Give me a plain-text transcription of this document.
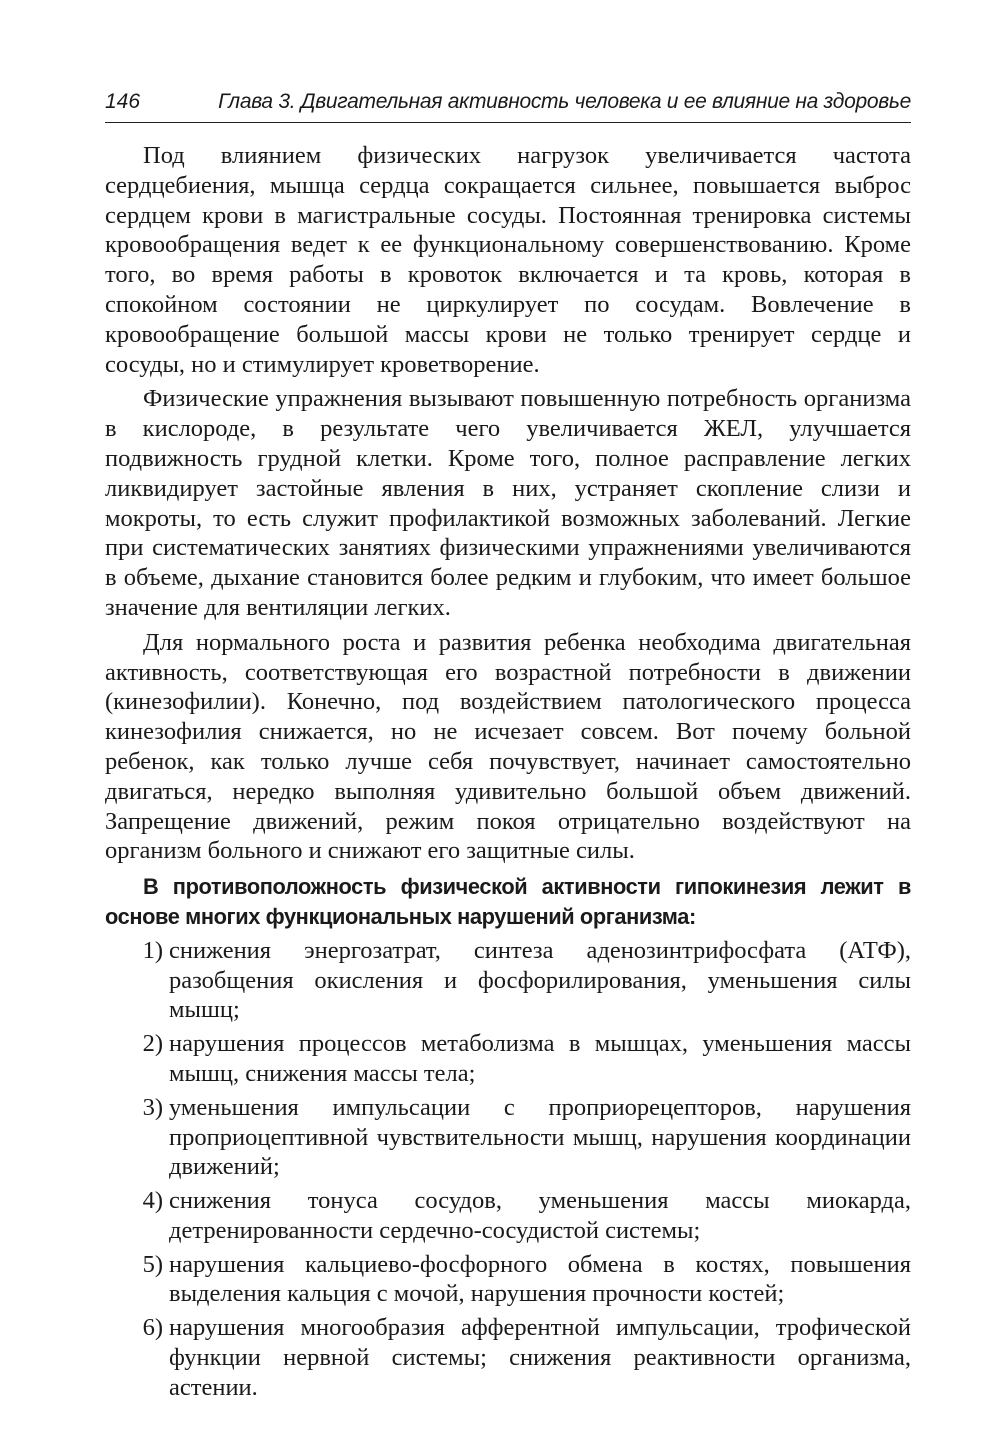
146	Глава 3. Двигательная активность человека и ее влияние на здоровье

Под влиянием физических нагрузок увеличивается частота сердцебиения, мышца сердца сокращается сильнее, повышается выброс сердцем крови в магистральные сосуды. Постоянная тренировка системы кровообращения ведет к ее функциональному совершенствованию. Кроме того, во время работы в кровоток включается и та кровь, которая в спокойном состоянии не циркулирует по сосудам. Вовлечение в кровообращение большой массы крови не только тренирует сердце и сосуды, но и стимулирует кроветворение.

Физические упражнения вызывают повышенную потребность организма в кислороде, в результате чего увеличивается ЖЕЛ, улучшается подвижность грудной клетки. Кроме того, полное расправление легких ликвидирует застойные явления в них, устраняет скопление слизи и мокроты, то есть служит профилактикой возможных заболеваний. Легкие при систематических занятиях физическими упражнениями увеличиваются в объеме, дыхание становится более редким и глубоким, что имеет большое значение для вентиляции легких.

Для нормального роста и развития ребенка необходима двигательная активность, соответствующая его возрастной потребности в движении (кинезофилии). Конечно, под воздействием патологического процесса кинезофилия снижается, но не исчезает совсем. Вот почему больной ребенок, как только лучше себя почувствует, начинает самостоятельно двигаться, нередко выполняя удивительно большой объем движений. Запрещение движений, режим покоя отрицательно воздействуют на организм больного и снижают его защитные силы.

В противоположность физической активности гипокинезия лежит в основе многих функциональных нарушений организма:

1) снижения энергозатрат, синтеза аденозинтрифосфата (АТФ), разобщения окисления и фосфорилирования, уменьшения силы мышц;
2) нарушения процессов метаболизма в мышцах, уменьшения массы мышц, снижения массы тела;
3) уменьшения импульсации с проприорецепторов, нарушения проприоцептивной чувствительности мышц, нарушения координации движений;
4) снижения тонуса сосудов, уменьшения массы миокарда, детренированности сердечно-сосудистой системы;
5) нарушения кальциево-фосфорного обмена в костях, повышения выделения кальция с мочой, нарушения прочности костей;
6) нарушения многообразия афферентной импульсации, трофической функции нервной системы; снижения реактивности организма, астении.
